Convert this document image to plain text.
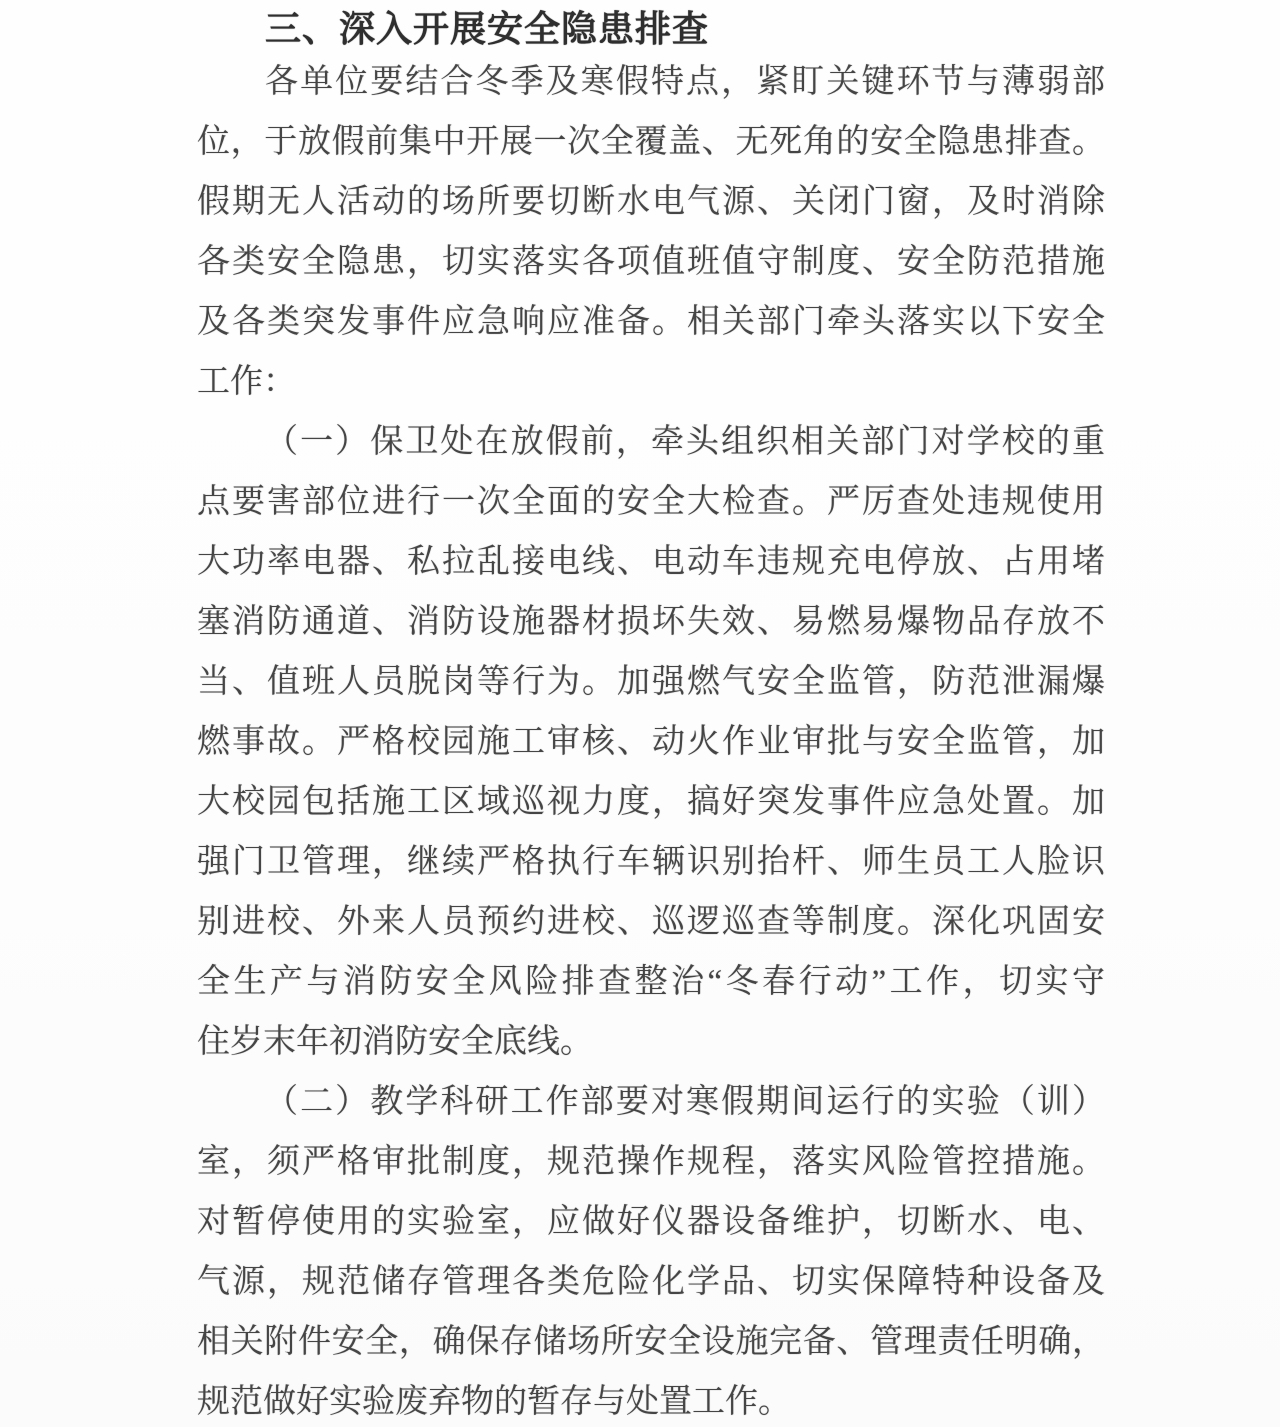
三、深入开展安全隐患排查
各单位要结合冬季及寒假特点，紧盯关键环节与薄弱部
位，于放假前集中开展一次全覆盖、无死角的安全隐患排查。
假期无人活动的场所要切断水电气源、关闭门窗，及时消除
各类安全隐患，切实落实各项值班值守制度、安全防范措施
及各类突发事件应急响应准备。相关部门牵头落实以下安全
工作：
（一）保卫处在放假前，牵头组织相关部门对学校的重
点要害部位进行一次全面的安全大检查。严厉查处违规使用
大功率电器、私拉乱接电线、电动车违规充电停放、占用堵
塞消防通道、消防设施器材损坏失效、易燃易爆物品存放不
当、值班人员脱岗等行为。加强燃气安全监管，防范泄漏爆
燃事故。严格校园施工审核、动火作业审批与安全监管，加
大校园包括施工区域巡视力度，搞好突发事件应急处置。加
强门卫管理，继续严格执行车辆识别抬杆、师生员工人脸识
别进校、外来人员预约进校、巡逻巡查等制度。深化巩固安
全生产与消防安全风险排查整治“冬春行动”工作，切实守
住岁末年初消防安全底线。
（二）教学科研工作部要对寒假期间运行的实验（训）
室，须严格审批制度，规范操作规程，落实风险管控措施。
对暂停使用的实验室，应做好仪器设备维护，切断水、电、
气源，规范储存管理各类危险化学品、切实保障特种设备及
相关附件安全，确保存储场所安全设施完备、管理责任明确，
规范做好实验废弃物的暂存与处置工作。
